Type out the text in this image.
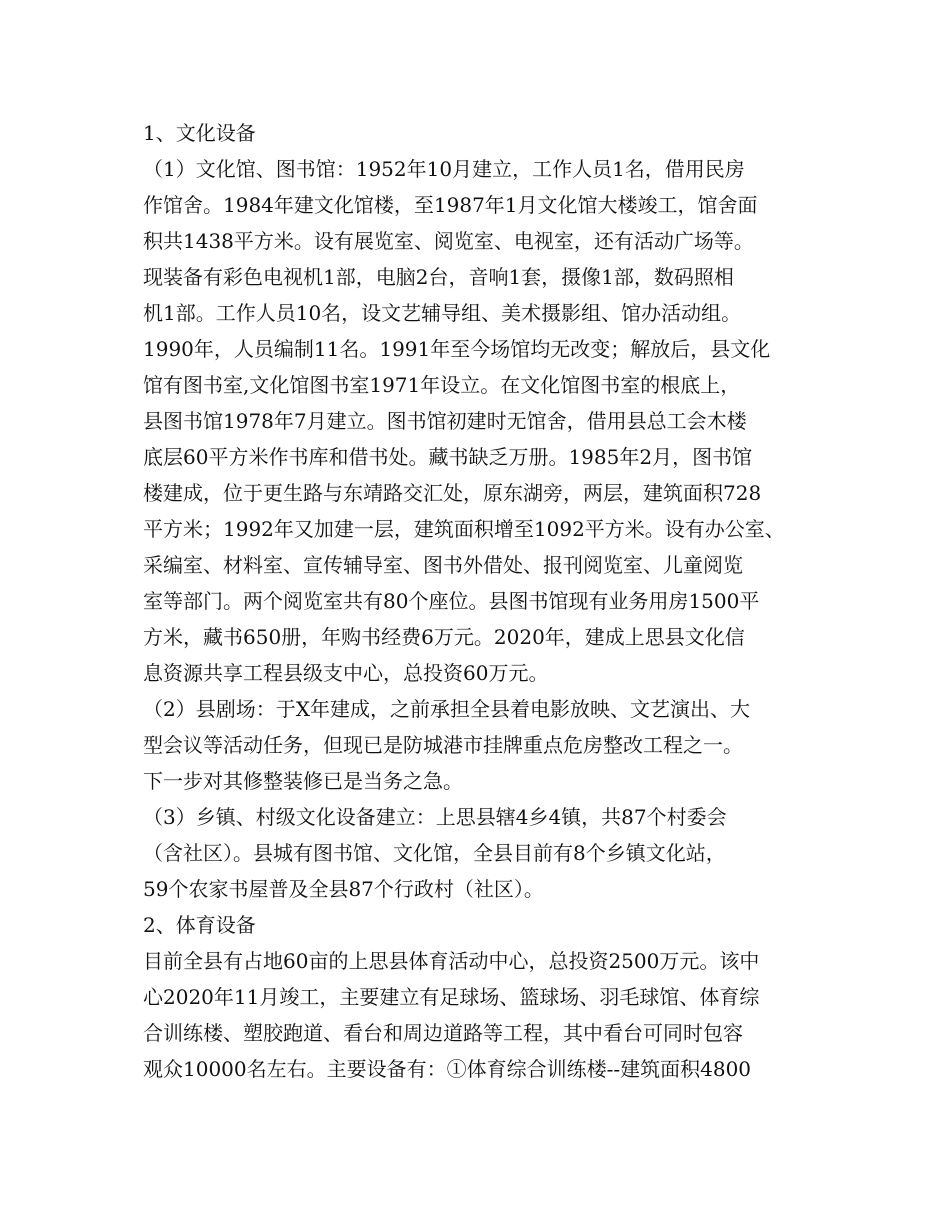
1、文化设备
（1）文化馆、图书馆：1952年10月建立，工作人员1名，借用民房
作馆舍。1984年建文化馆楼，至1987年1月文化馆大楼竣工，馆舍面
积共1438平方米。设有展览室、阅览室、电视室，还有活动广场等。
现装备有彩色电视机1部，电脑2台，音响1套，摄像1部，数码照相
机1部。工作人员10名，设文艺辅导组、美术摄影组、馆办活动组。
1990年，人员编制11名。1991年至今场馆均无改变；解放后，县文化
馆有图书室,文化馆图书室1971年设立。在文化馆图书室的根底上，
县图书馆1978年7月建立。图书馆初建时无馆舍，借用县总工会木楼
底层60平方米作书库和借书处。藏书缺乏万册。1985年2月，图书馆
楼建成，位于更生路与东靖路交汇处，原东湖旁，两层，建筑面积728
平方米；1992年又加建一层，建筑面积增至1092平方米。设有办公室、
采编室、材料室、宣传辅导室、图书外借处、报刊阅览室、儿童阅览
室等部门。两个阅览室共有80个座位。县图书馆现有业务用房1500平
方米，藏书650册，年购书经费6万元。2020年，建成上思县文化信
息资源共享工程县级支中心，总投资60万元。
（2）县剧场：于X年建成，之前承担全县着电影放映、文艺演出、大
型会议等活动任务，但现已是防城港市挂牌重点危房整改工程之一。
下一步对其修整装修已是当务之急。
（3）乡镇、村级文化设备建立：上思县辖4乡4镇，共87个村委会
（含社区）。县城有图书馆、文化馆，全县目前有8个乡镇文化站，
59个农家书屋普及全县87个行政村（社区）。
2、体育设备
目前全县有占地60亩的上思县体育活动中心，总投资2500万元。该中
心2020年11月竣工，主要建立有足球场、篮球场、羽毛球馆、体育综
合训练楼、塑胶跑道、看台和周边道路等工程，其中看台可同时包容
观众10000名左右。主要设备有：①体育综合训练楼--建筑面积4800
